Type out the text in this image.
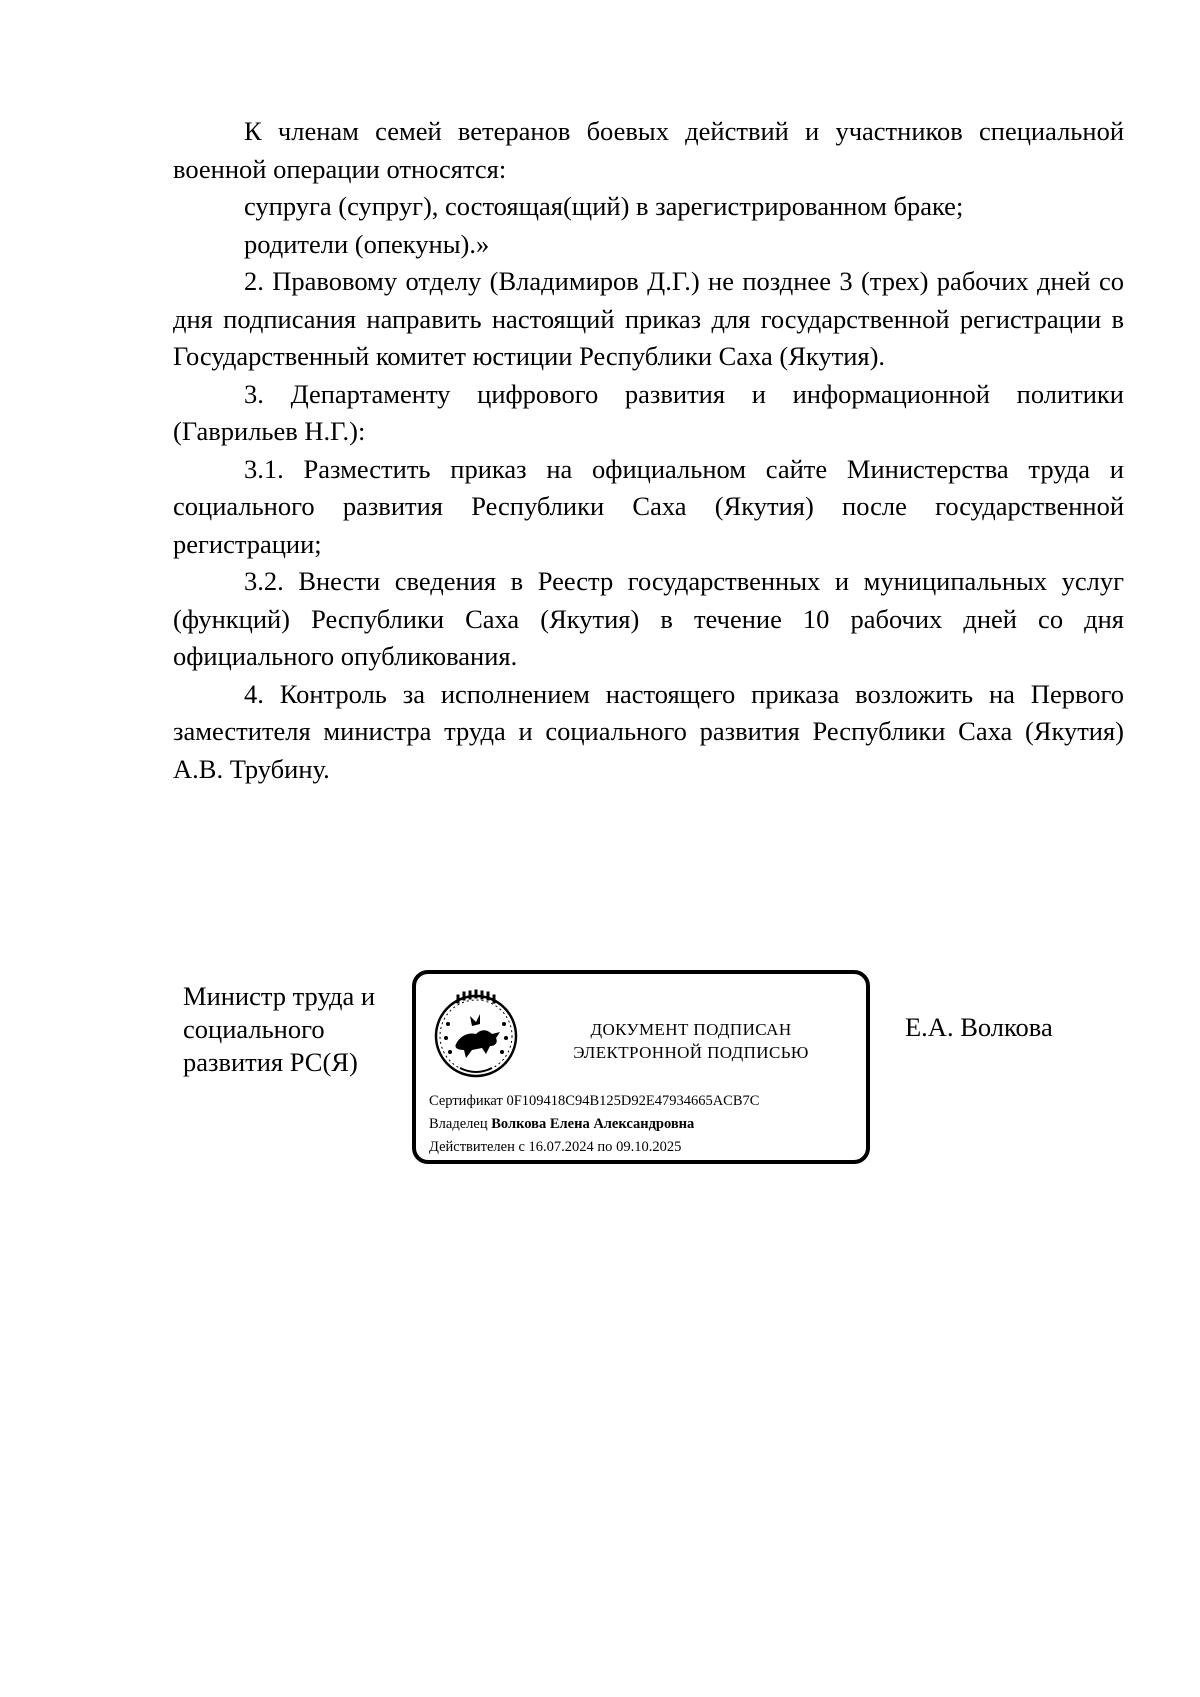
К членам семей ветеранов боевых действий и участников специальной военной операции относятся:

супруга (супруг), состоящая(щий) в зарегистрированном браке;

родители (опекуны).»

2. Правовому отделу (Владимиров Д.Г.) не позднее 3 (трех) рабочих дней со дня подписания направить настоящий приказ для государственной регистрации в Государственный комитет юстиции Республики Саха (Якутия).

3. Департаменту цифрового развития и информационной политики (Гаврильев Н.Г.):

3.1. Разместить приказ на официальном сайте Министерства труда и социального развития Республики Саха (Якутия) после государственной регистрации;

3.2. Внести сведения в Реестр государственных и муниципальных услуг (функций) Республики Саха (Якутия) в течение 10 рабочих дней со дня официального опубликования.

4. Контроль за исполнением настоящего приказа возложить на Первого заместителя министра труда и социального развития Республики Саха (Якутия) А.В. Трубину.

Министр труда и
социального
развития РС(Я)
ДОКУМЕНТ ПОДПИСАН
ЭЛЕКТРОННОЙ ПОДПИСЬЮ
Сертификат 0F109418C94B125D92E47934665ACB7C
Владелец Волкова Елена Александровна
Действителен с 16.07.2024 по 09.10.2025
Е.А. Волкова
